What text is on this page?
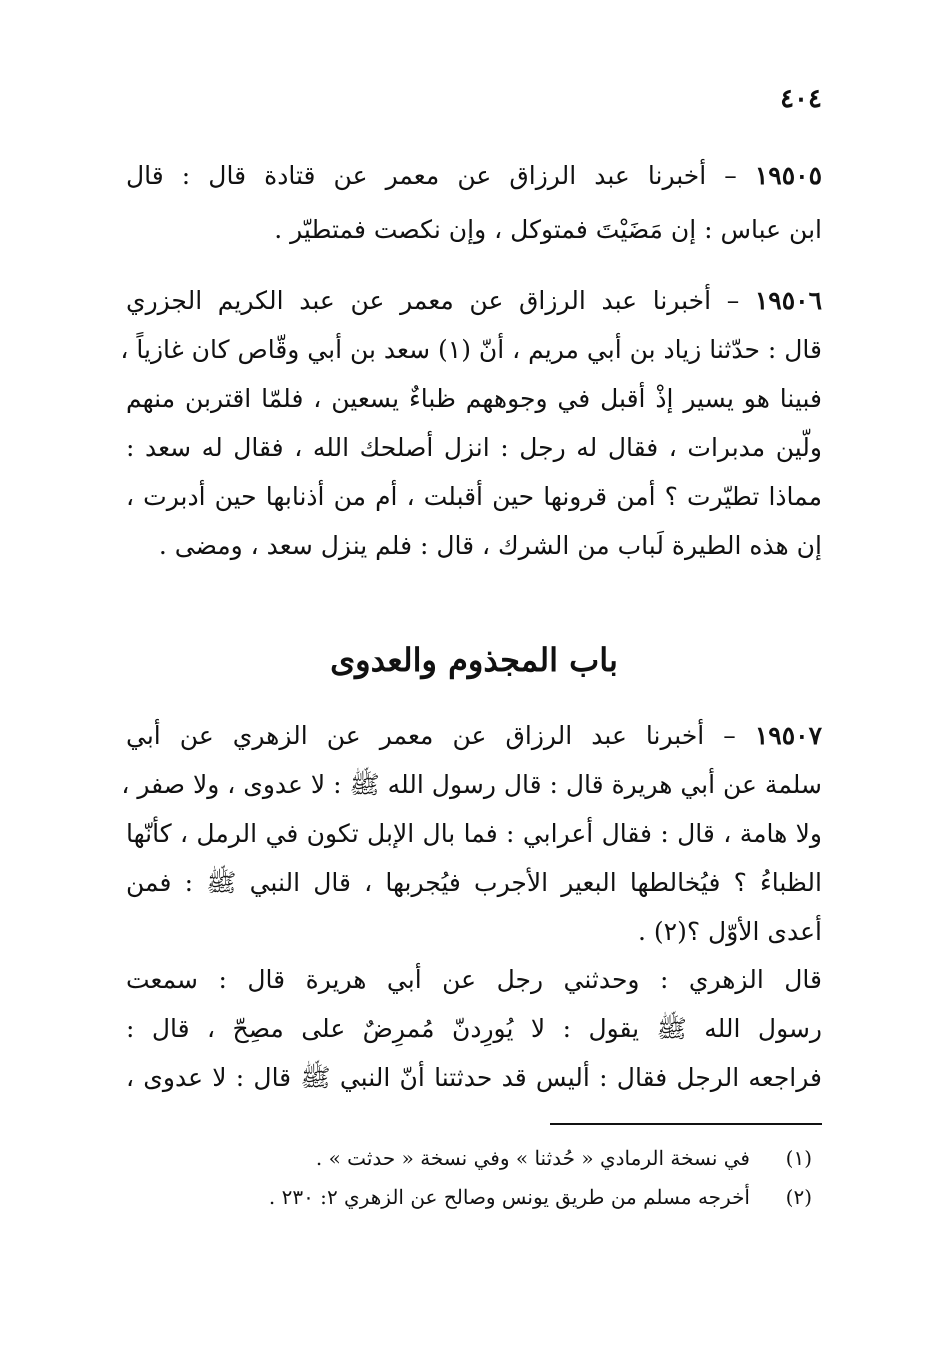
٤٠٤
١٩٥٠٥ – أخبرنا عبد الرزاق عن معمر عن قتادة قال : قال
ابن عباس : إن مَضَيْتَ فمتوكل ، وإن نكصت فمتطيّر .
١٩٥٠٦ – أخبرنا عبد الرزاق عن معمر عن عبد الكريم الجزري
قال : حدّثنا زياد بن أبي مريم ، أنّ (١) سعد بن أبي وقّاص كان غازياً ،
فبينا هو يسير إذْ أقبل في وجوههم ظباءٌ يسعين ، فلمّا اقتربن منهم
ولّين مدبرات ، فقال له رجل : انزل أصلحك الله ، فقال له سعد :
مماذا تطيّرت ؟ أمن قرونها حين أقبلت ، أم من أذنابها حين أدبرت ،
إن هذه الطيرة لَباب من الشرك ، قال : فلم ينزل سعد ، ومضى .
باب المجذوم والعدوى
١٩٥٠٧ – أخبرنا عبد الرزاق عن معمر عن الزهري عن أبي
سلمة عن أبي هريرة قال : قال رسول الله ﷺ : لا عدوى ، ولا صفر ،
ولا هامة ، قال : فقال أعرابي : فما بال الإبل تكون في الرمل ، كأنّها
الظباءُ ؟ فيُخالطها البعير الأجرب فيُجربها ، قال النبي ﷺ : فمن
أعدى الأوّل ؟(٢) .
قال الزهري : وحدثني رجل عن أبي هريرة قال : سمعت
رسول الله ﷺ يقول : لا يُورِدنّ مُمرِضٌ على مصِحّ ، قال :
فراجعه الرجل فقال : أليس قد حدثتنا أنّ النبي ﷺ قال : لا عدوى ،
(١)
في نسخة الرمادي « حُدثنا » وفي نسخة « حدثت » .
(٢)
أخرجه مسلم من طريق يونس وصالح عن الزهري ٢: ٢٣٠ .
